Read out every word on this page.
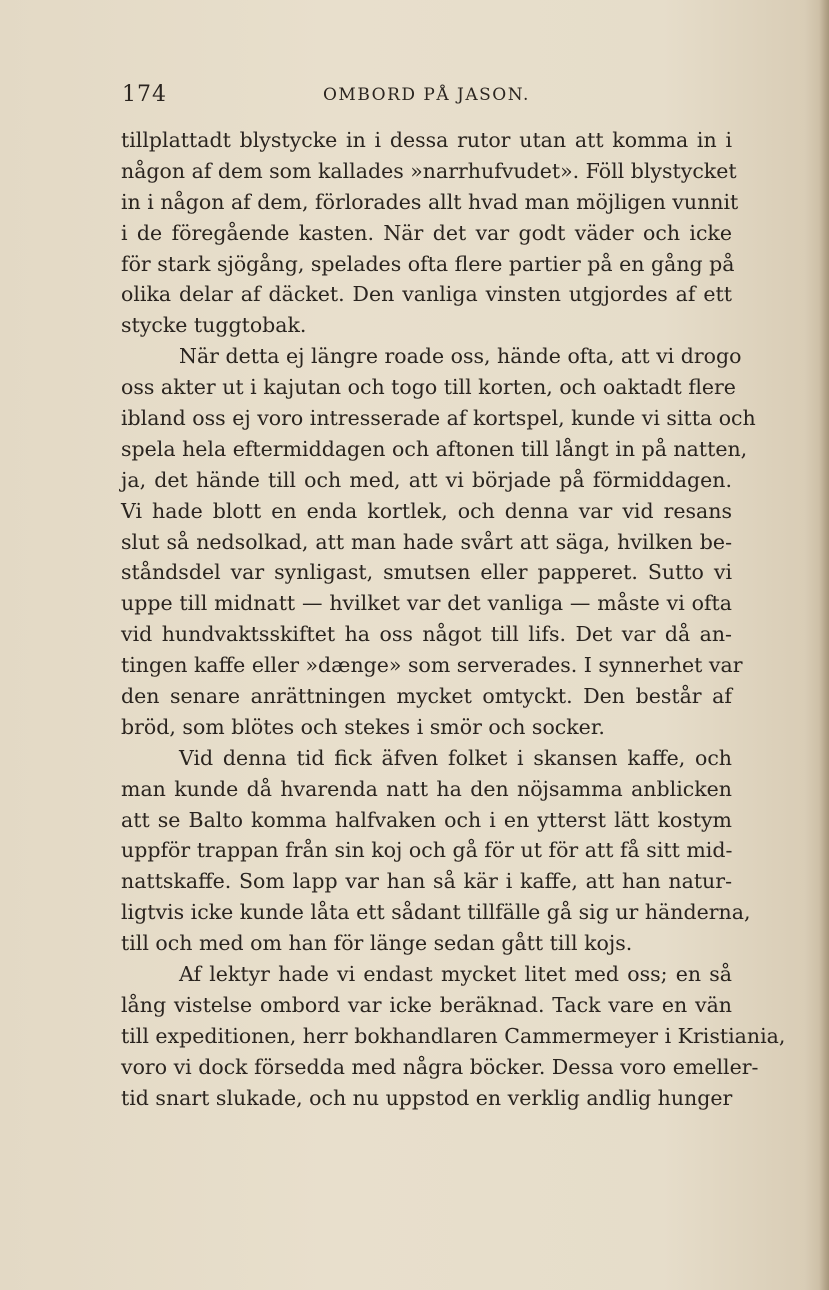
174	OMBORD PÅ JASON.
tillplattadt blystycke in i dessa rutor utan att komma in i
någon af dem som kallades »narrhufvudet». Föll blystycket
in i någon af dem, förlorades allt hvad man möjligen vunnit
i de föregående kasten. När det var godt väder och icke
för stark sjögång, spelades ofta flere partier på en gång på
olika delar af däcket. Den vanliga vinsten utgjordes af ett
stycke tuggtobak.
När detta ej längre roade oss, hände ofta, att vi drogo
oss akter ut i kajutan och togo till korten, och oaktadt flere
ibland oss ej voro intresserade af kortspel, kunde vi sitta och
spela hela eftermiddagen och aftonen till långt in på natten,
ja, det hände till och med, att vi började på förmiddagen.
Vi hade blott en enda kortlek, och denna var vid resans
slut så nedsolkad, att man hade svårt att säga, hvilken be-
ståndsdel var synligast, smutsen eller papperet. Sutto vi
uppe till midnatt — hvilket var det vanliga — måste vi ofta
vid hundvaktsskiftet ha oss något till lifs. Det var då an-
tingen kaffe eller »dænge» som serverades. I synnerhet var
den senare anrättningen mycket omtyckt. Den består af
bröd, som blötes och stekes i smör och socker.
Vid denna tid fick äfven folket i skansen kaffe, och
man kunde då hvarenda natt ha den nöjsamma anblicken
att se Balto komma halfvaken och i en ytterst lätt kostym
uppför trappan från sin koj och gå för ut för att få sitt mid-
nattskaffe. Som lapp var han så kär i kaffe, att han natur-
ligtvis icke kunde låta ett sådant tillfälle gå sig ur händerna,
till och med om han för länge sedan gått till kojs.
Af lektyr hade vi endast mycket litet med oss; en så
lång vistelse ombord var icke beräknad. Tack vare en vän
till expeditionen, herr bokhandlaren Cammermeyer i Kristiania,
voro vi dock försedda med några böcker. Dessa voro emeller-
tid snart slukade, och nu uppstod en verklig andlig hunger
